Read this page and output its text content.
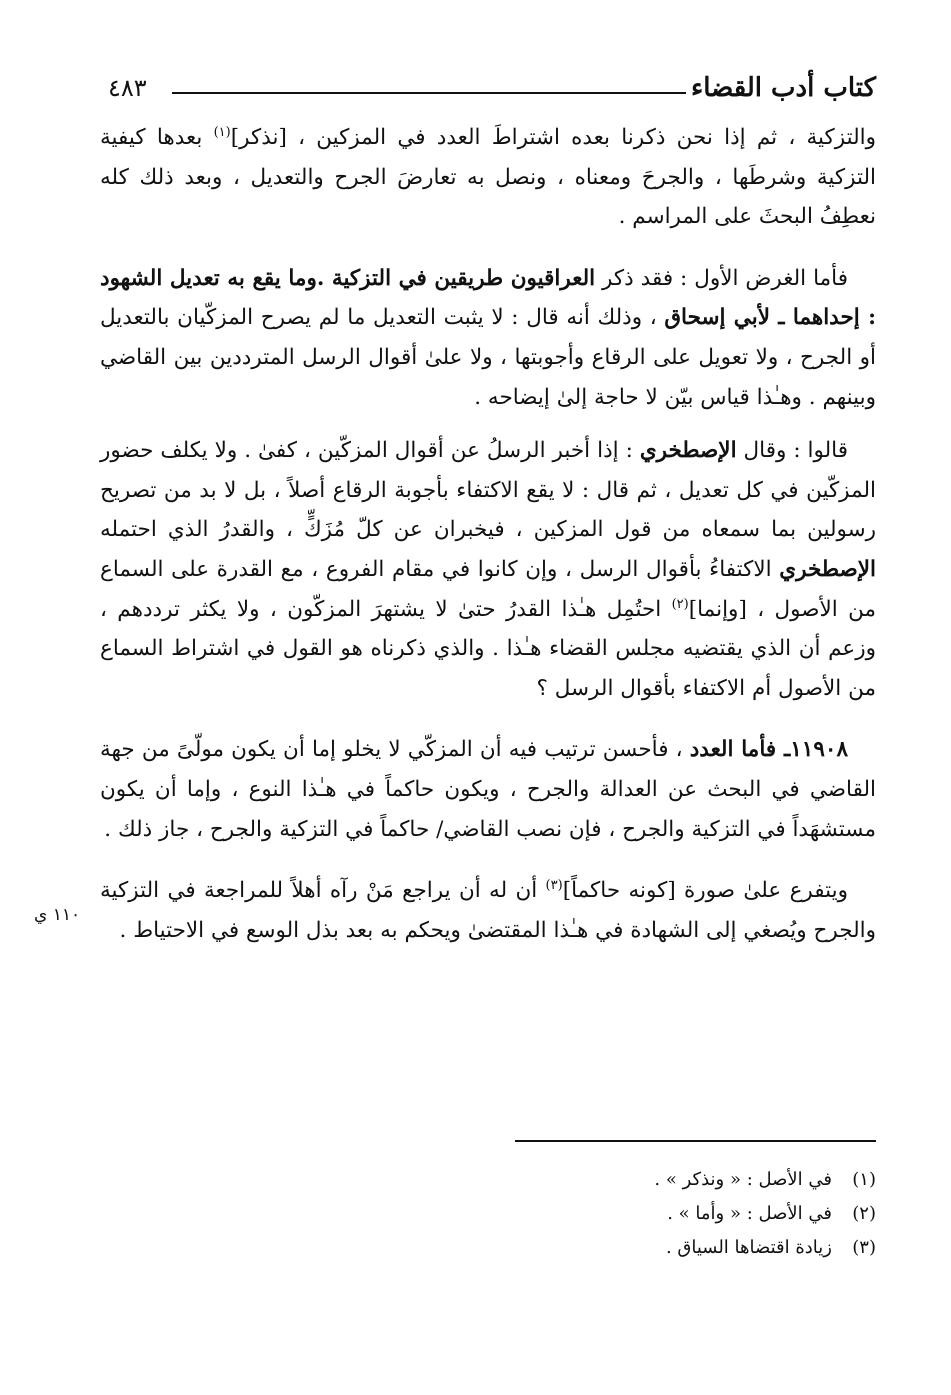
كتاب أدب القضاء
٤٨٣

والتزكية ، ثم إذا نحن ذكرنا بعده اشتراطَ العدد في المزكين ، [نذكر]$^{(١)}$ بعدها كيفية التزكية وشرطَها ، والجرحَ ومعناه ، ونصل به تعارضَ الجرح والتعديل ، وبعد ذلك كله نعطِفُ البحثَ على المراسم .

فأما الغرض الأول : فقد ذكر العراقيون طريقين في التزكية .وما يقع به تعديل الشهود : إحداهما ـ لأبي إسحاق ، وذلك أنه قال : لا يثبت التعديل ما لم يصرح المزكّيان بالتعديل أو الجرح ، ولا تعويل على الرقاع وأجوبتها ، ولا علىٰ أقوال الرسل المترددين بين القاضي وبينهم . وهـٰذا قياس بيّن لا حاجة إلىٰ إيضاحه .

قالوا : وقال الإصطخري : إذا أخبر الرسلُ عن أقوال المزكّين ، كفىٰ . ولا يكلف حضور المزكّين في كل تعديل ، ثم قال : لا يقع الاكتفاء بأجوبة الرقاع أصلاً ، بل لا بد من تصريح رسولين بما سمعاه من قول المزكين ، فيخبران عن كلّ مُزَكٍّ ، والقدرُ الذي احتمله الإصطخري الاكتفاءُ بأقوال الرسل ، وإن كانوا في مقام الفروع ، مع القدرة على السماع من الأصول ، [وإنما]$^{(٢)}$ احتُمِل هـٰذا القدرُ حتىٰ لا يشتهرَ المزكّون ، ولا يكثر ترددهم ، وزعم أن الذي يقتضيه مجلس القضاء هـٰذا . والذي ذكرناه هو القول في اشتراط السماع من الأصول أم الاكتفاء بأقوال الرسل ؟

١١٩٠٨ـ فأما العدد ، فأحسن ترتيب فيه أن المزكّي لا يخلو إما أن يكون مولّىً من جهة القاضي في البحث عن العدالة والجرح ، ويكون حاكماً في هـٰذا النوع ، وإما أن يكون مستشهَداً في التزكية والجرح ، فإن نصب القاضي/ حاكماً في التزكية والجرح ، جاز ذلك .

ويتفرع علىٰ صورة [كونه حاكماً]$^{(٣)}$ أن له أن يراجع مَنْ رآه أهلاً للمراجعة في التزكية والجرح ويُصغي إلى الشهادة في هـٰذا المقتضىٰ ويحكم به بعد بذل الوسع في الاحتياط .

١١٠ ي
(١)
في الأصل : « ونذكر » .
(٢)
في الأصل : « وأما » .
(٣)
زيادة اقتضاها السياق .
